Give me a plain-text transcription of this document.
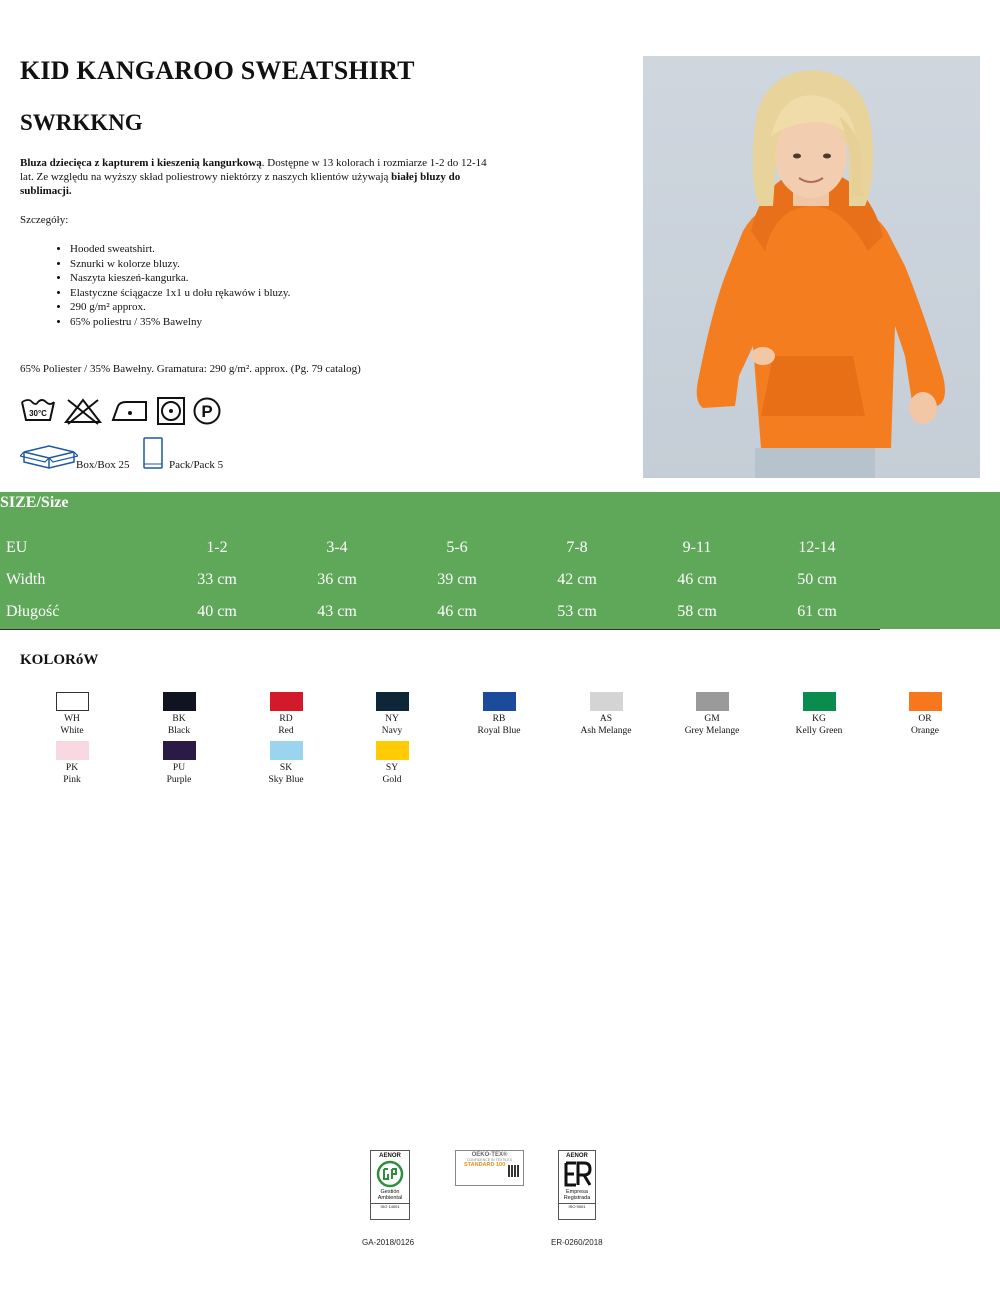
KID KANGAROO SWEATSHIRT
SWRKKNG

Bluza dziecięca z kapturem i kieszenią kangurkową. Dostępne w 13 kolorach i rozmiarze 1-2 do 12-14 lat. Ze względu na wyższy skład poliestrowy niektórzy z naszych klientów używają białej bluzy do sublimacji.

Szczegóły:
• Hooded sweatshirt.
• Sznurki w kolorze bluzy.
• Naszyta kieszeń-kangurka.
• Elastyczne ściągacze 1x1 u dołu rękawów i bluzy.
• 290 g/m² approx.
• 65% poliestru / 35% Bawelny
65% Poliester / 35% Bawełny. Gramatura: 290 g/m². approx. (Pg. 79 catalog)
30°C	P
Box/Box 25	Pack/Pack 5
SIZE/Size
EU	1-2	3-4	5-6	7-8	9-11	12-14
Width	33 cm	36 cm	39 cm	42 cm	46 cm	50 cm
Długość	40 cm	43 cm	46 cm	53 cm	58 cm	61 cm
KOLORóW
WH
White
BK
Black
RD
Red
NY
Navy
RB
Royal Blue
AS
Ash Melange
GM
Grey Melange
KG
Kelly Green
OR
Orange
PK
Pink
PU
Purple
SK
Sky Blue
SY
Gold
AENOR
Gestión
Ambiental
ISO 14001
OEKO-TEX®
CONFIDENCE IN TEXTILES
STANDARD 100
AENOR
Empresa
Registrada
ISO 9001
GA-2018/0126	ER-0260/2018
